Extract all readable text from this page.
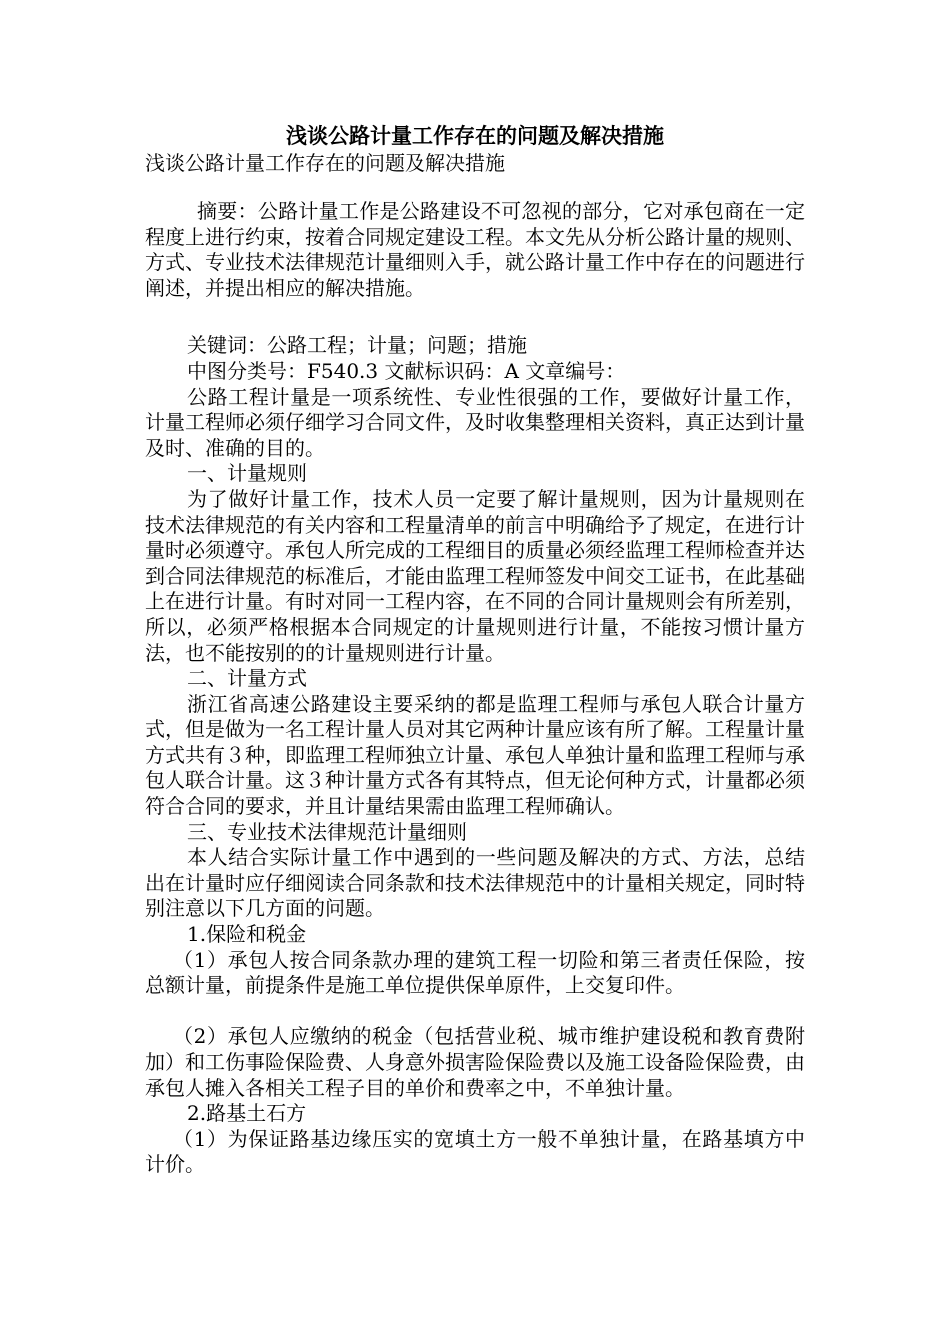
浅谈公路计量工作存在的问题及解决措施
浅谈公路计量工作存在的问题及解决措施

摘要：公路计量工作是公路建设不可忽视的部分，它对承包商在一定程度上进行约束，按着合同规定建设工程。本文先从分析公路计量的规则、方式、专业技术法律规范计量细则入手，就公路计量工作中存在的问题进行阐述，并提出相应的解决措施。

关键词：公路工程；计量；问题；措施

中图分类号：F540.3 文献标识码：A 文章编号：

公路工程计量是一项系统性、专业性很强的工作，要做好计量工作，计量工程师必须仔细学习合同文件，及时收集整理相关资料，真正达到计量及时、准确的目的。

一、计量规则

为了做好计量工作，技术人员一定要了解计量规则，因为计量规则在技术法律规范的有关内容和工程量清单的前言中明确给予了规定，在进行计量时必须遵守。承包人所完成的工程细目的质量必须经监理工程师检查并达到合同法律规范的标准后，才能由监理工程师签发中间交工证书，在此基础上在进行计量。有时对同一工程内容，在不同的合同计量规则会有所差别，所以，必须严格根据本合同规定的计量规则进行计量，不能按习惯计量方法，也不能按别的的计量规则进行计量。

二、计量方式

浙江省高速公路建设主要采纳的都是监理工程师与承包人联合计量方式，但是做为一名工程计量人员对其它两种计量应该有所了解。工程量计量方式共有３种，即监理工程师独立计量、承包人单独计量和监理工程师与承包人联合计量。这３种计量方式各有其特点，但无论何种方式，计量都必须符合合同的要求，并且计量结果需由监理工程师确认。

三、专业技术法律规范计量细则

本人结合实际计量工作中遇到的一些问题及解决的方式、方法，总结出在计量时应仔细阅读合同条款和技术法律规范中的计量相关规定，同时特别注意以下几方面的问题。

1.保险和税金

（1）承包人按合同条款办理的建筑工程一切险和第三者责任保险，按总额计量，前提条件是施工单位提供保单原件，上交复印件。

（2）承包人应缴纳的税金（包括营业税、城市维护建设税和教育费附加）和工伤事险保险费、人身意外损害险保险费以及施工设备险保险费，由承包人摊入各相关工程子目的单价和费率之中，不单独计量。

2.路基土石方

（1）为保证路基边缘压实的宽填土方一般不单独计量，在路基填方中计价。
